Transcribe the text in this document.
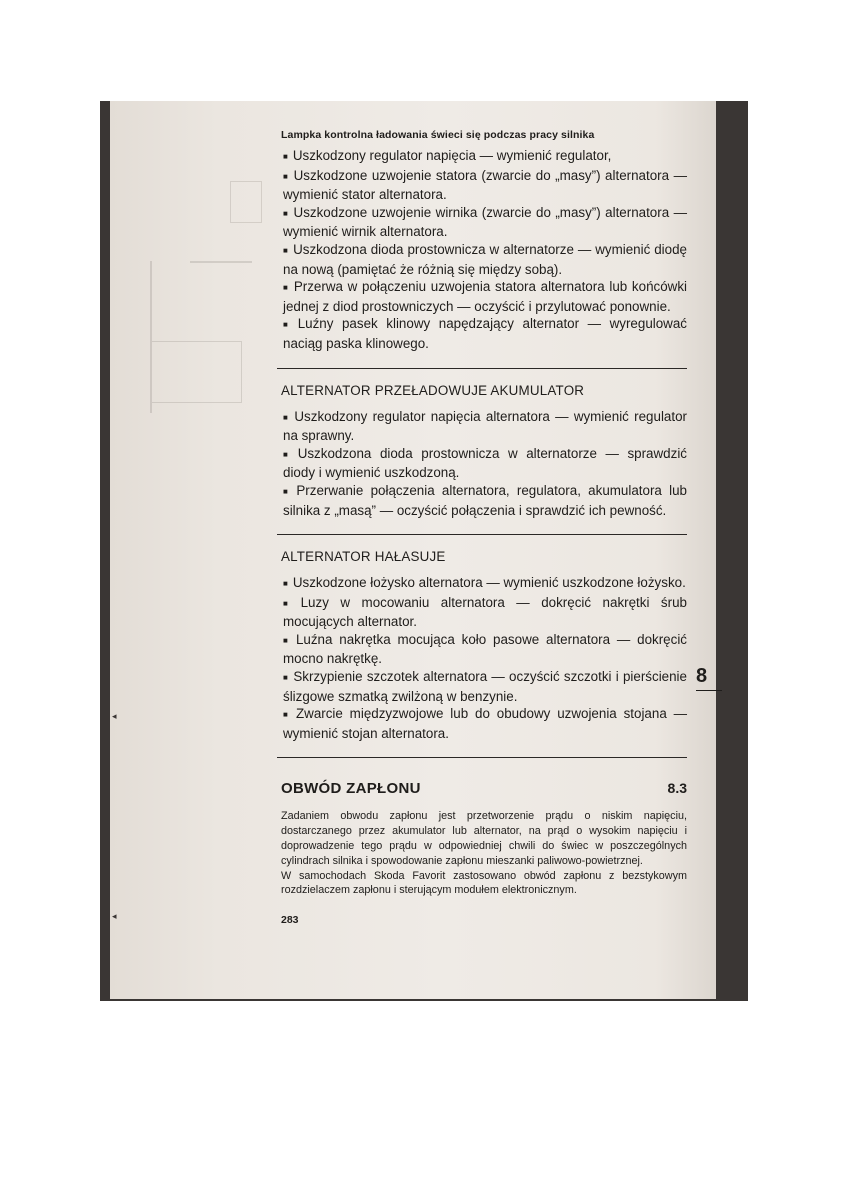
Lampka kontrolna ładowania świeci się podczas pracy silnika

■ Uszkodzony regulator napięcia — wymienić regulator,

■ Uszkodzone uzwojenie statora (zwarcie do „masy”) alternatora — wymienić stator alternatora.

■ Uszkodzone uzwojenie wirnika (zwarcie do „masy”) alternatora — wymienić wirnik alternatora.

■ Uszkodzona dioda prostownicza w alternatorze — wymienić diodę na nową (pamiętać że różnią się między sobą).

■ Przerwa w połączeniu uzwojenia statora alternatora lub końcówki jednej z diod prostowniczych — oczyścić i przylutować ponownie.

■ Luźny pasek klinowy napędzający alternator — wyregulować naciąg paska klinowego.

ALTERNATOR PRZEŁADOWUJE AKUMULATOR

■ Uszkodzony regulator napięcia alternatora — wymienić regulator na sprawny.

■ Uszkodzona dioda prostownicza w alternatorze — sprawdzić diody i wymienić uszkodzoną.

■ Przerwanie połączenia alternatora, regulatora, akumulatora lub silnika z „masą” — oczyścić połączenia i sprawdzić ich pewność.

ALTERNATOR HAŁASUJE

■ Uszkodzone łożysko alternatora — wymienić uszkodzone łożysko.

■ Luzy w mocowaniu alternatora — dokręcić nakrętki śrub mocujących alternator.

■ Luźna nakrętka mocująca koło pasowe alternatora — dokręcić mocno nakrętkę.

■ Skrzypienie szczotek alternatora — oczyścić szczotki i pierścienie ślizgowe szmatką zwilżoną w benzynie.

■ Zwarcie międzyzwojowe lub do obudowy uzwojenia stojana — wymienić stojan alternatora.

OBWÓD ZAPŁONU	8.3

Zadaniem obwodu zapłonu jest przetworzenie prądu o niskim napięciu, dostarczanego przez akumulator lub alternator, na prąd o wysokim napięciu i doprowadzenie tego prądu w odpowiedniej chwili do świec w poszczególnych cylindrach silnika i spowodowanie zapłonu mieszanki paliwowo-powietrznej.

W samochodach Skoda Favorit zastosowano obwód zapłonu z bezstykowym rozdzielaczem zapłonu i sterującym modułem elektronicznym.

283
8
◂
◂
